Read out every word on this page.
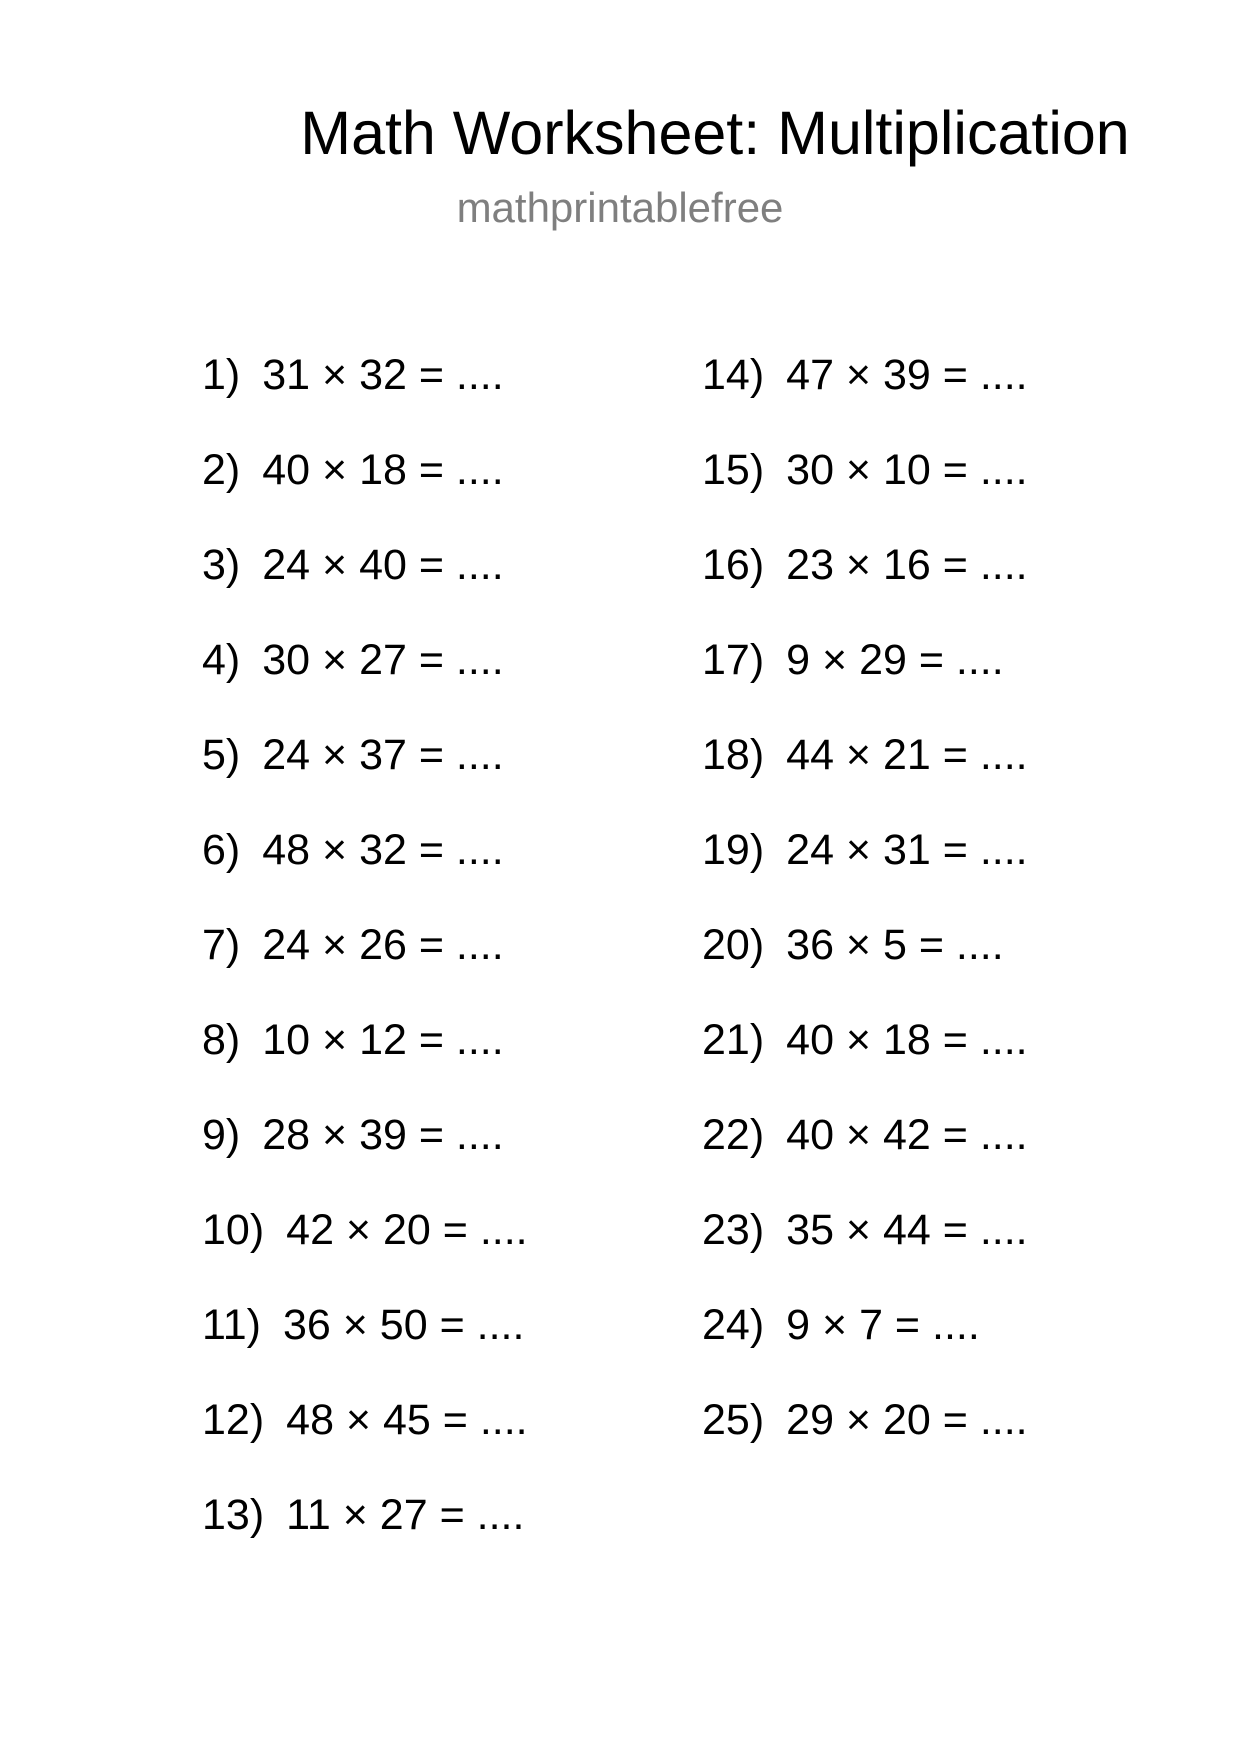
Math Worksheet: Multiplication
mathprintablefree
1) 31 × 32 = ....
2) 40 × 18 = ....
3) 24 × 40 = ....
4) 30 × 27 = ....
5) 24 × 37 = ....
6) 48 × 32 = ....
7) 24 × 26 = ....
8) 10 × 12 = ....
9) 28 × 39 = ....
10) 42 × 20 = ....
11) 36 × 50 = ....
12) 48 × 45 = ....
13) 11 × 27 = ....
14) 47 × 39 = ....
15) 30 × 10 = ....
16) 23 × 16 = ....
17) 9 × 29 = ....
18) 44 × 21 = ....
19) 24 × 31 = ....
20) 36 × 5 = ....
21) 40 × 18 = ....
22) 40 × 42 = ....
23) 35 × 44 = ....
24) 9 × 7 = ....
25) 29 × 20 = ....
